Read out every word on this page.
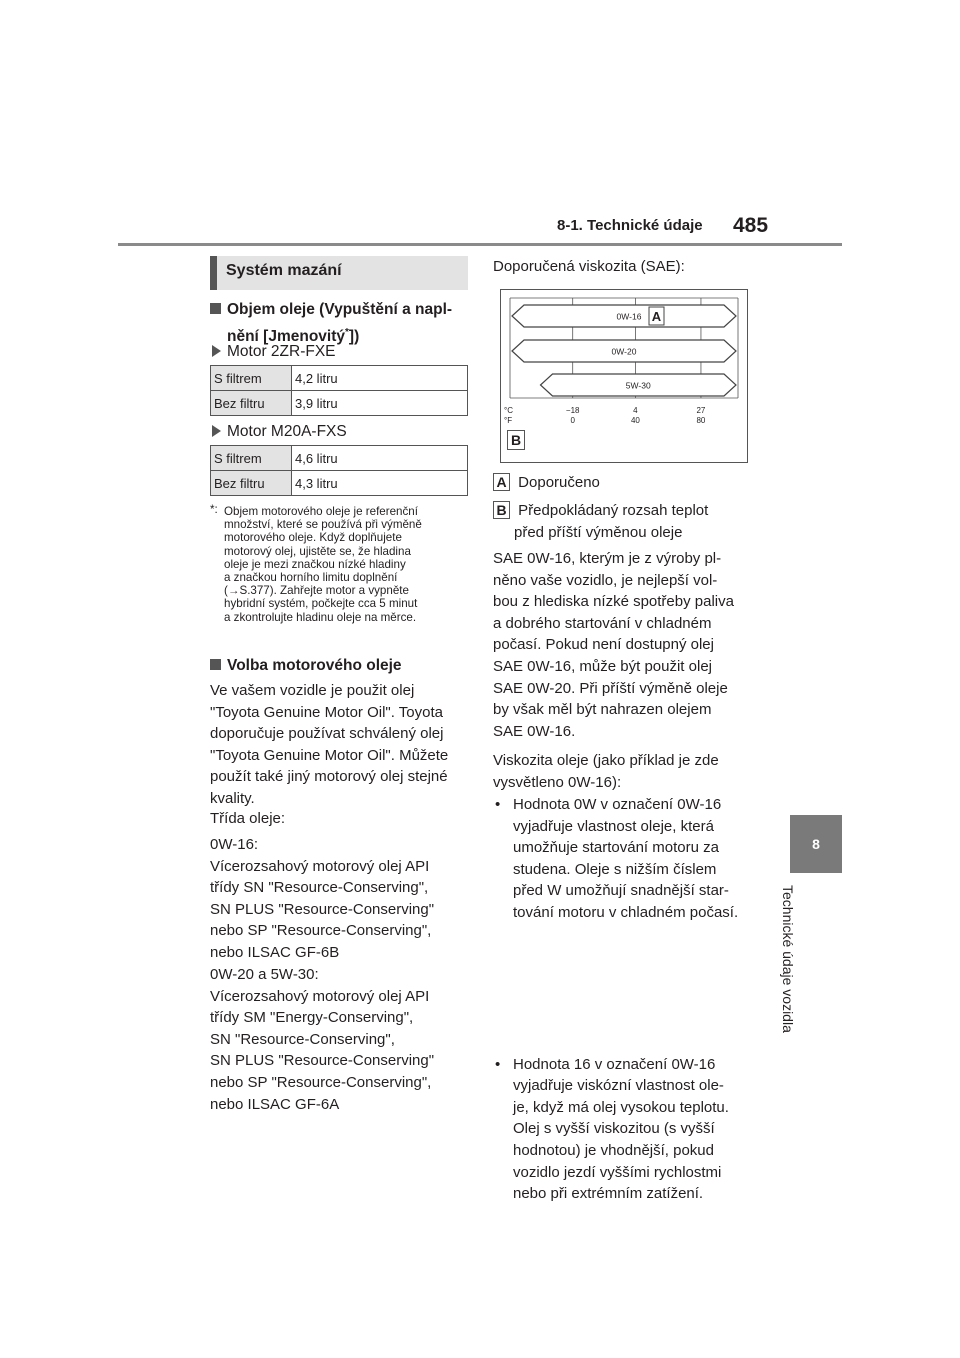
8-1. Technické údaje 485
8
Technické údaje vozidla
Systém mazání
Objem oleje (Vypuštění a napl-
nění [Jmenovitý*])
Motor 2ZR-FXE
S filtrem	4,2 litru
Bez filtru	3,9 litru
Motor M20A-FXS
S filtrem	4,6 litru
Bez filtru	4,3 litru
*: Objem motorového oleje je referenční
množství, které se používá při výměně
motorového oleje. Když doplňujete
motorový olej, ujistěte se, že hladina
oleje je mezi značkou nízké hladiny
a značkou horního limitu doplnění
(→S.377). Zahřejte motor a vypněte
hybridní systém, počkejte cca 5 minut
a zkontrolujte hladinu oleje na měrce.
Volba motorového oleje
Ve vašem vozidle je použit olej
"Toyota Genuine Motor Oil". Toyota
doporučuje používat schválený olej
"Toyota Genuine Motor Oil". Můžete
použít také jiný motorový olej stejné
kvality.
Třída oleje:
0W-16:
Vícerozsahový motorový olej API
třídy SN "Resource-Conserving",
SN PLUS "Resource-Conserving"
nebo SP "Resource-Conserving",
nebo ILSAC GF-6B
0W-20 a 5W-30:
Vícerozsahový motorový olej API
třídy SM "Energy-Conserving",
SN "Resource-Conserving",
SN PLUS "Resource-Conserving"
nebo SP "Resource-Conserving",
nebo ILSAC GF-6A
Doporučená viskozita (SAE):
0W-16 A
0W-20
5W-30
°C
°F
−18
0
4
40
27
80
B
A Doporučeno
B Předpokládaný rozsah teplot
před příští výměnou oleje
SAE 0W-16, kterým je z výroby pl-
něno vaše vozidlo, je nejlepší vol-
bou z hlediska nízké spotřeby paliva
a dobrého startování v chladném
počasí. Pokud není dostupný olej
SAE 0W-16, může být použit olej
SAE 0W-20. Při příští výměně oleje
by však měl být nahrazen olejem
SAE 0W-16.
Viskozita oleje (jako příklad je zde
vysvětleno 0W-16):
• Hodnota 0W v označení 0W-16
vyjadřuje vlastnost oleje, která
umožňuje startování motoru za
studena. Oleje s nižším číslem
před W umožňují snadnější star-
tování motoru v chladném počasí.
• Hodnota 16 v označení 0W-16
vyjadřuje viskózní vlastnost ole-
je, když má olej vysokou teplotu.
Olej s vyšší viskozitou (s vyšší
hodnotou) je vhodnější, pokud
vozidlo jezdí vyššími rychlostmi
nebo při extrémním zatížení.
